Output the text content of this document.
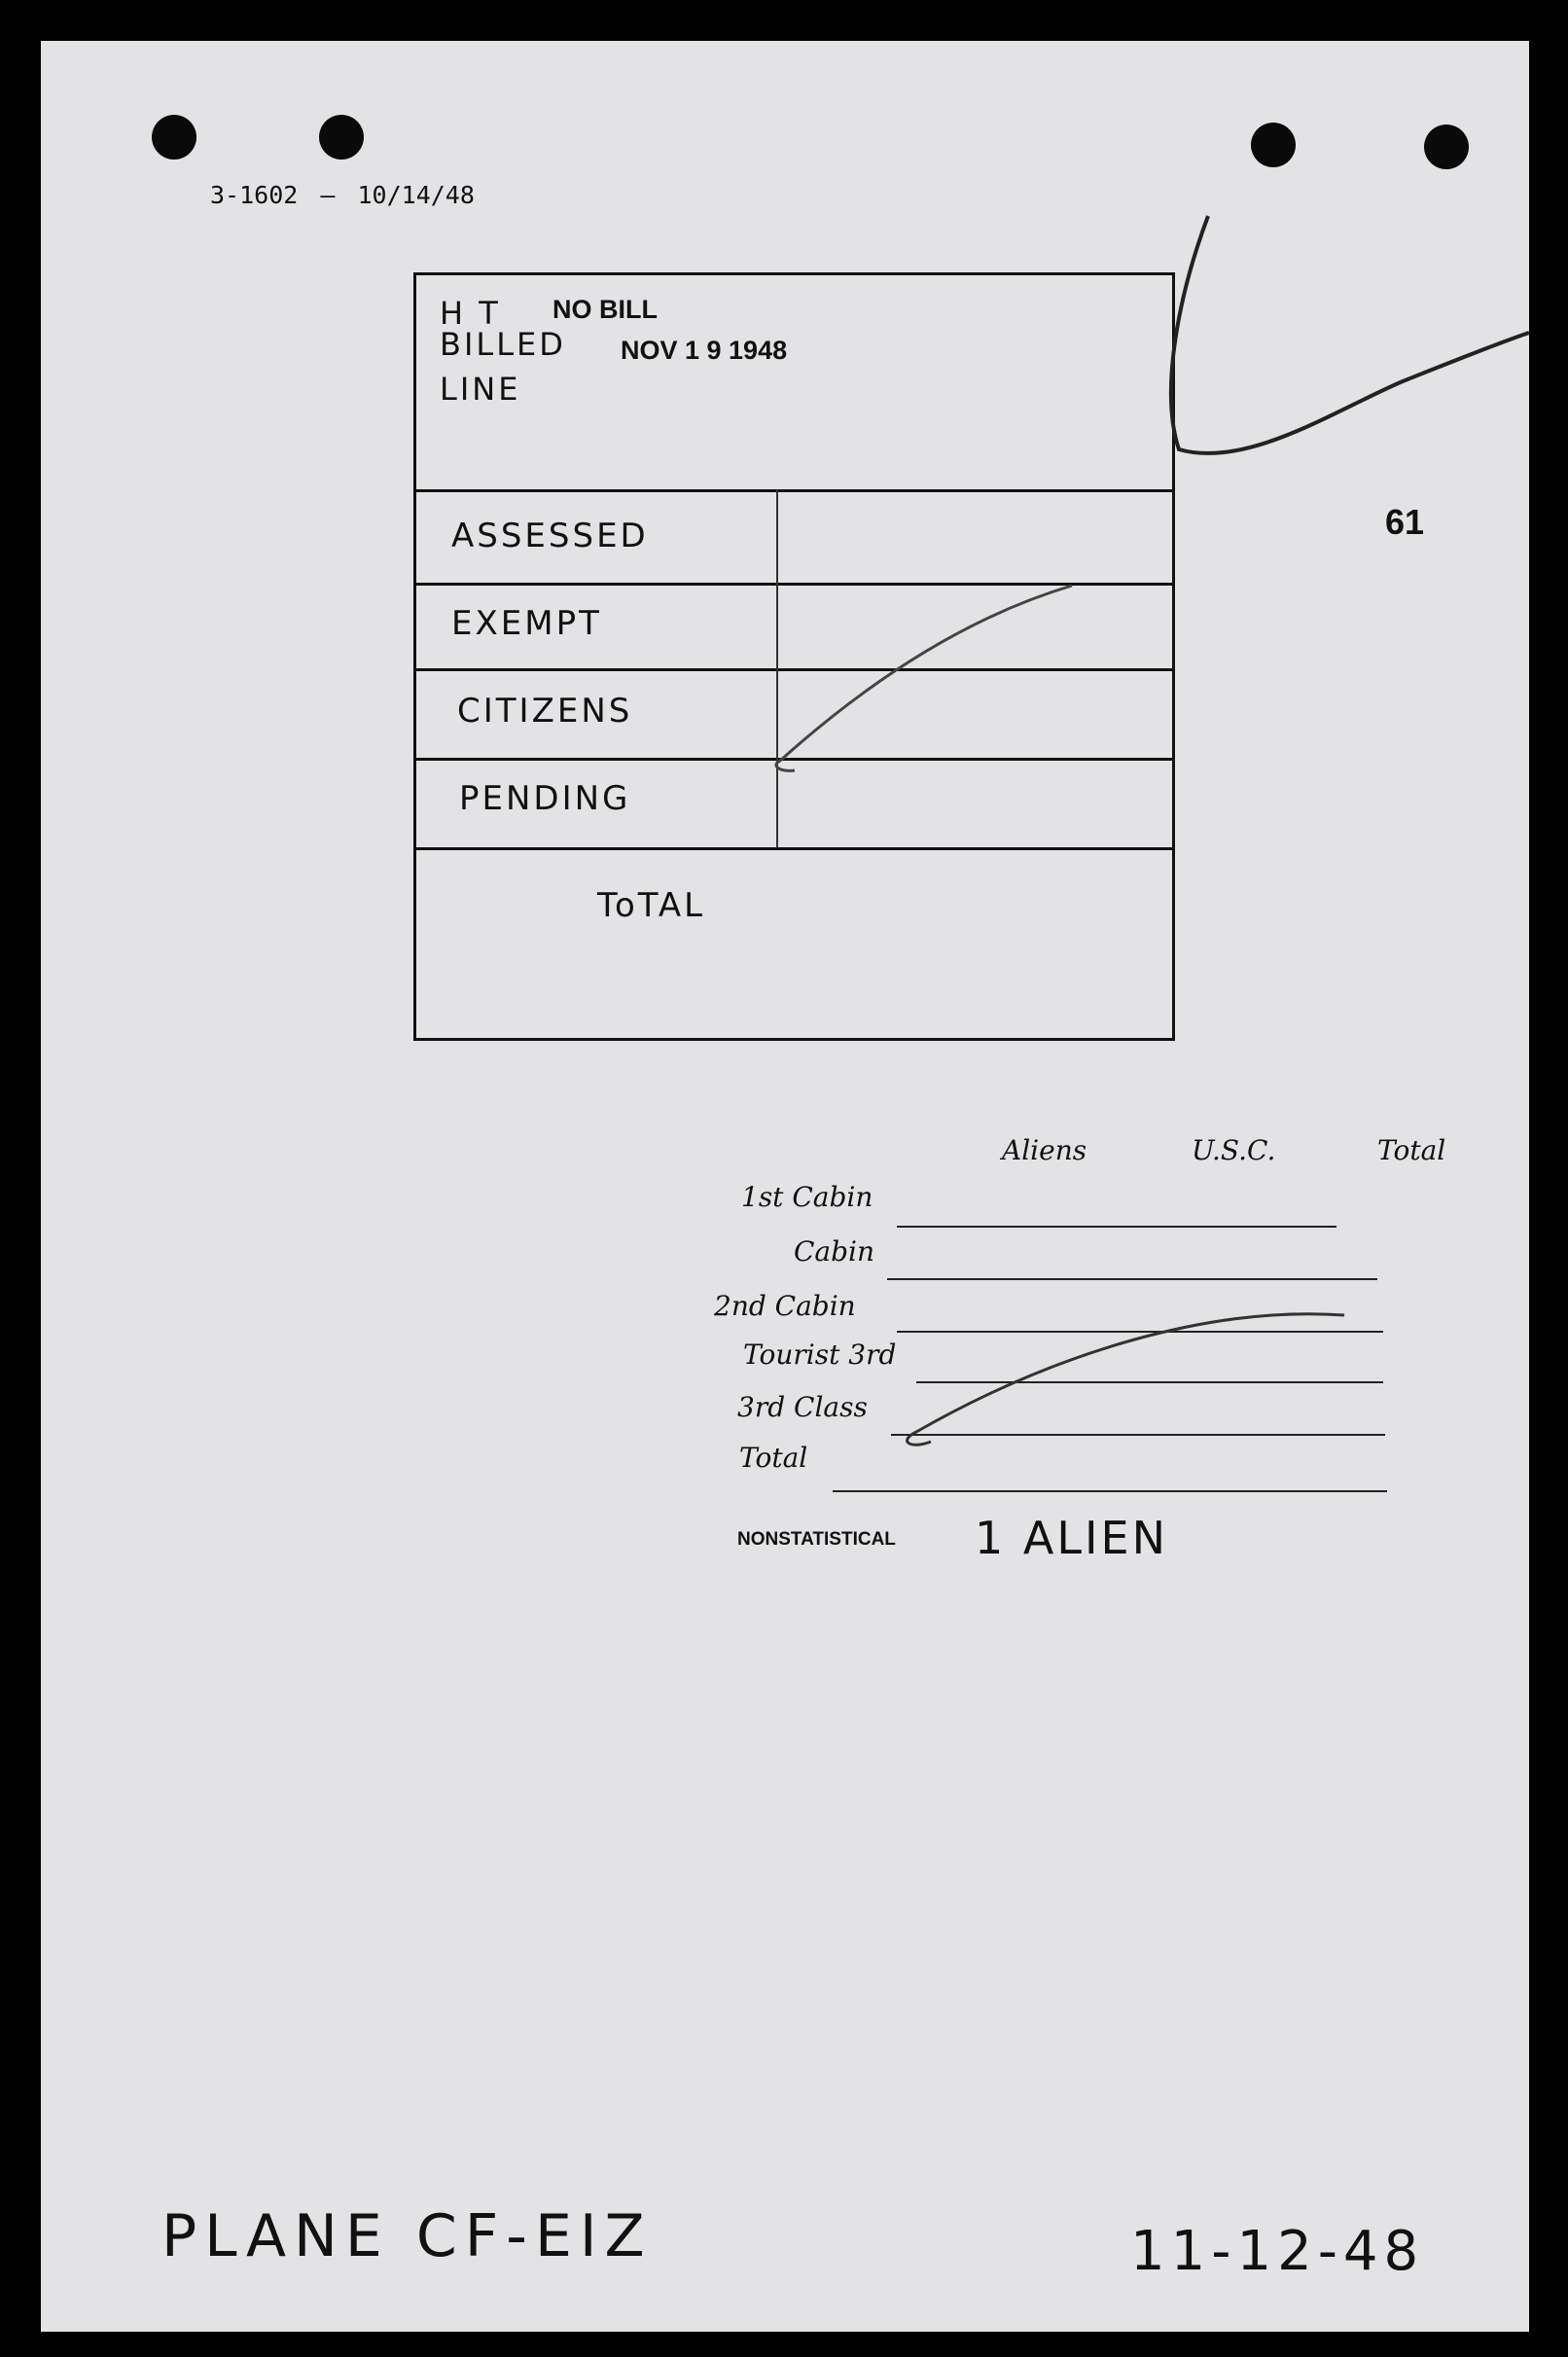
3-1602 — 10/14/48
61
H T
BILLED
LINE
NO BILL
NOV 1 9 1948
ASSESSED
EXEMPT
CITIZENS
PENDING
ToTAL
Aliens	U.S.C.	Total
1st Cabin
Cabin
2nd Cabin
Tourist 3rd
3rd Class
Total
NONSTATISTICAL 1 ALIEN
PLANE CF-EIZ	11-12-48
